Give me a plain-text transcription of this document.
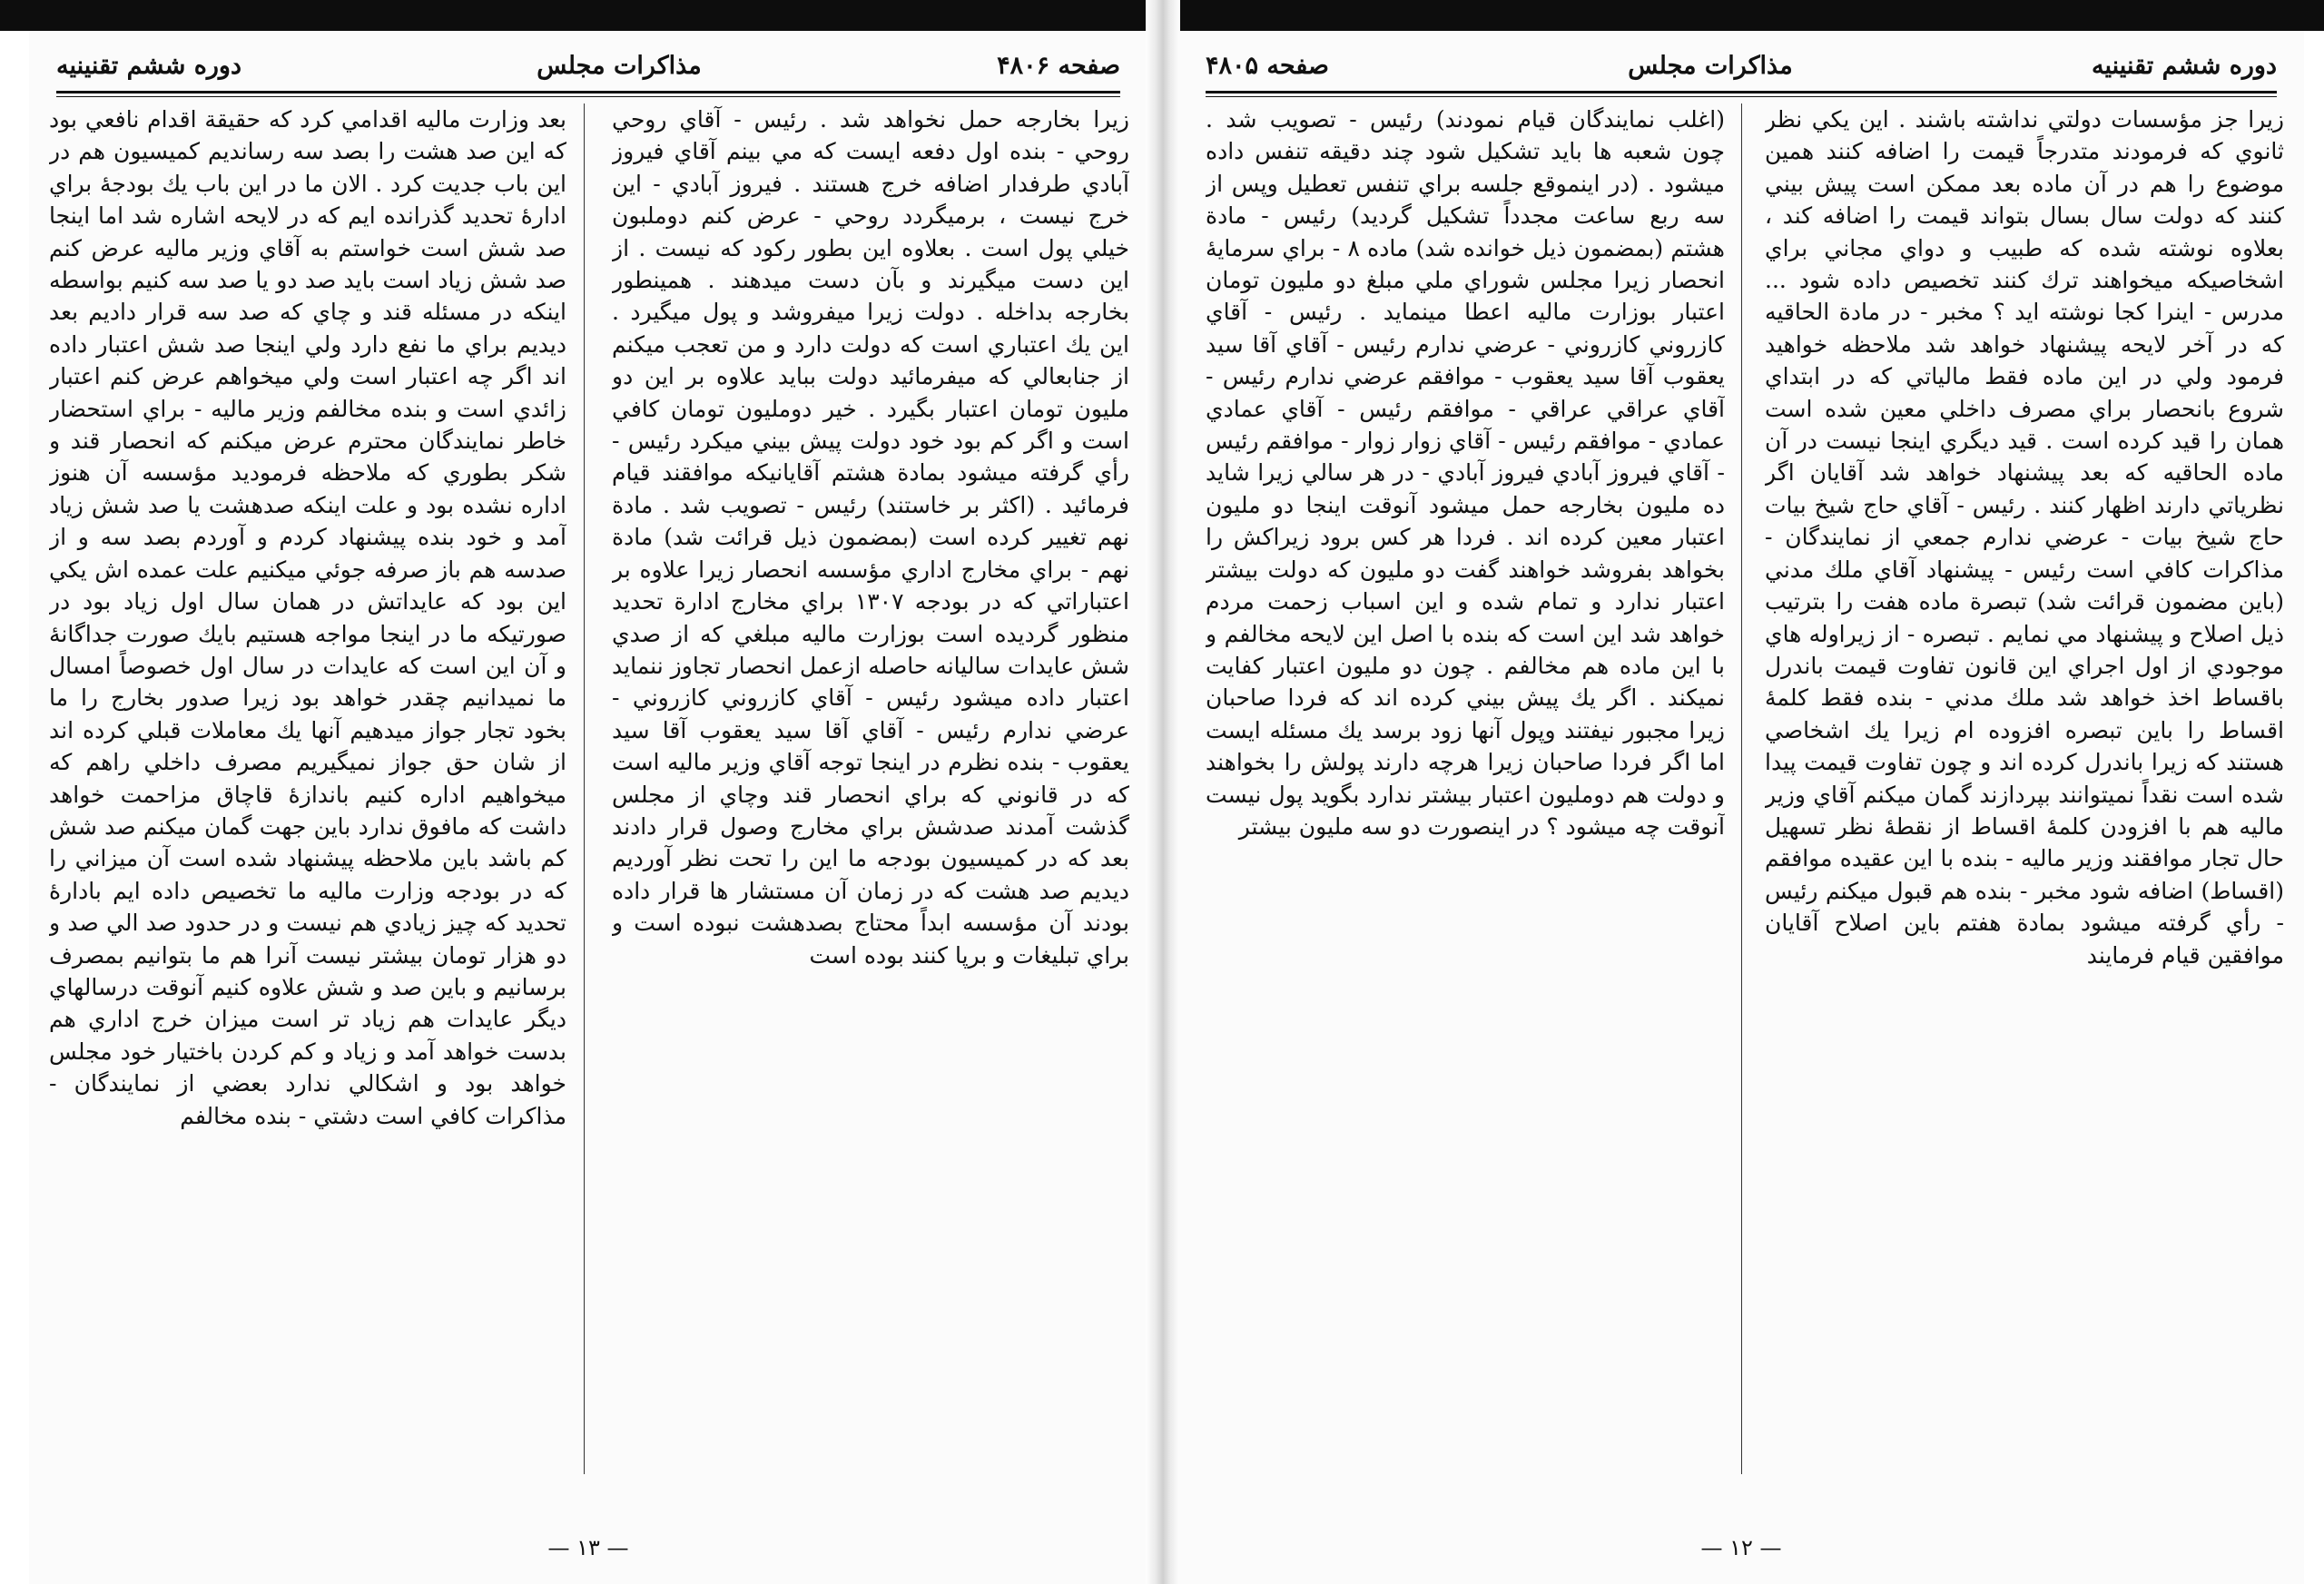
صفحه ۴۸۰۶
مذاكرات مجلس
دوره ششم تقنينيه

زيرا بخارجه حمل نخواهد شد . رئيس - آقاي روحي روحي - بنده اول دفعه ايست كه مي بينم آقاي فيروز آبادي طرفدار اضافه خرج هستند . فيروز آبادي - اين خرج نيست ، برميگردد روحي - عرض كنم دوملبون خيلي پول است . بعلاوه اين بطور ركود كه نيست . از اين دست ميگيرند و بآن دست ميدهند . همينطور بخارجه بداخله . دولت زيرا ميفروشد و پول ميگيرد . اين يك اعتباري است كه دولت دارد و من تعجب ميكنم از جنابعالي كه ميفرمائيد دولت ببايد علاوه بر اين دو مليون تومان اعتبار بگيرد . خير دومليون تومان كافي است و اگر كم بود خود دولت پيش بيني ميكرد رئيس - رأي گرفته ميشود بمادة هشتم آقايانيكه موافقند قيام فرمائيد . (اكثر بر خاستند) رئيس - تصويب شد . مادة نهم تغيير كرده است (بمضمون ذيل قرائت شد) مادة نهم - براي مخارج اداري مؤسسه انحصار زيرا علاوه بر اعتباراتي كه در بودجه ١٣٠٧ براي مخارج ادارة تحديد منظور گرديده است بوزارت ماليه مبلغي كه از صدي شش عايدات ساليانه حاصله ازعمل انحصار تجاوز ننمايد اعتبار داده ميشود رئيس - آقاي كازروني كازروني - عرضي ندارم رئيس - آقاي آقا سيد يعقوب آقا سيد يعقوب - بنده نظرم در اينجا توجه آقاي وزير ماليه است كه در قانوني كه براي انحصار قند وچاي از مجلس گذشت آمدند صدشش براي مخارج وصول قرار دادند بعد كه در كميسيون بودجه ما اين را تحت نظر آورديم ديديم صد هشت كه در زمان آن مستشار ها قرار داده بودند آن مؤسسه ابداً محتاج بصدهشت نبوده است و براي تبليغات و برپا كنند بوده است

بعد وزارت ماليه اقدامي كرد كه حقيقة اقدام نافعي بود كه اين صد هشت را بصد سه رسانديم كميسيون هم در اين باب جديت كرد . الان ما در اين باب يك بودجهٔ براي ادارهٔ تحديد گذرانده ايم كه در لايحه اشاره شد اما اينجا صد شش است خواستم به آقاي وزير ماليه عرض كنم صد شش زياد است بايد صد دو يا صد سه كنيم بواسطه اينكه در مسئله قند و چاي كه صد سه قرار داديم بعد ديديم براي ما نفع دارد ولي اينجا صد شش اعتبار داده اند اگر چه اعتبار است ولي ميخواهم عرض كنم اعتبار زائدي است و بنده مخالفم وزير ماليه - براي استحضار خاطر نمايندگان محترم عرض ميكنم كه انحصار قند و شكر بطوري كه ملاحظه فرموديد مؤسسه آن هنوز اداره نشده بود و علت اينكه صدهشت يا صد شش زياد آمد و خود بنده پيشنهاد كردم و آوردم بصد سه و از صدسه هم باز صرفه جوئي ميكنيم علت عمده اش يكي اين بود كه عايداتش در همان سال اول زياد بود در صورتيكه ما در اينجا مواجه هستيم بايك صورت جداگانهٔ و آن اين است كه عايدات در سال اول خصوصاً امسال ما نميدانيم چقدر خواهد بود زيرا صدور بخارج را ما بخود تجار جواز ميدهيم آنها يك معاملات قبلي كرده اند از شان حق جواز نميگيريم مصرف داخلي راهم كه ميخواهيم اداره كنيم باندازهٔ قاچاق مزاحمت خواهد داشت كه مافوق ندارد باين جهت گمان ميكنم صد شش كم باشد باين ملاحظه پيشنهاد شده است آن ميزاني را كه در بودجه وزارت ماليه ما تخصيص داده ايم بادارهٔ تحديد كه چيز زيادي هم نيست و در حدود صد الي صد و دو هزار تومان بيشتر نيست آنرا هم ما بتوانيم بمصرف برسانيم و باين صد و شش علاوه كنيم آنوقت درسالهاي ديگر عايدات هم زياد تر است ميزان خرج اداري هم بدست خواهد آمد و زياد و كم كردن باختيار خود مجلس خواهد بود و اشكالي ندارد بعضي از نمايندگان - مذاكرات كافي است دشتي - بنده مخالفم

— ١٣ —
دوره ششم تقنينيه
مذاكرات مجلس
صفحه ۴۸۰۵

زيرا جز مؤسسات دولتي نداشته باشند . اين يكي نظر ثانوي كه فرمودند متدرجاً قيمت را اضافه كنند همين موضوع را هم در آن ماده بعد ممكن است پيش بيني كنند كه دولت سال بسال بتواند قيمت را اضافه كند ، بعلاوه نوشته شده كه طبيب و دواي مجاني براي اشخاصيكه ميخواهند ترك كنند تخصيص داده شود ... مدرس - اينرا كجا نوشته ايد ؟ مخبر - در مادة الحاقيه كه در آخر لايحه پيشنهاد خواهد شد ملاحظه خواهيد فرمود ولي در اين ماده فقط مالياتي كه در ابتداي شروع بانحصار براي مصرف داخلي معين شده است همان را قيد كرده است . قيد ديگري اينجا نيست در آن ماده الحاقيه كه بعد پيشنهاد خواهد شد آقايان اگر نظرياتي دارند اظهار كنند . رئيس - آقاي حاج شيخ بيات حاج شيخ بيات - عرضي ندارم جمعي از نمايندگان - مذاكرات كافي است رئيس - پيشنهاد آقاي ملك مدني (باين مضمون قرائت شد) تبصرة ماده هفت را بترتيب ذيل اصلاح و پيشنهاد مي نمايم . تبصره - از زيراوله هاي موجودي از اول اجراي اين قانون تفاوت قيمت باندرل باقساط اخذ خواهد شد ملك مدني - بنده فقط كلمهٔ اقساط را باين تبصره افزوده ام زيرا يك اشخاصي هستند كه زيرا باندرل كرده اند و چون تفاوت قيمت پيدا شده است نقداً نميتوانند بپردازند گمان ميكنم آقاي وزير ماليه هم با افزودن كلمهٔ اقساط از نقطهٔ نظر تسهيل حال تجار موافقند وزير ماليه - بنده با اين عقيده موافقم (اقساط) اضافه شود مخبر - بنده هم قبول ميكنم رئيس - رأي گرفته ميشود بمادة هفتم باين اصلاح آقايان موافقين قيام فرمايند

(اغلب نمايندگان قيام نمودند) رئيس - تصويب شد . چون شعبه ها بايد تشكيل شود چند دقيقه تنفس داده ميشود . (در اينموقع جلسه براي تنفس تعطيل وپس از سه ربع ساعت مجدداً تشكيل گرديد) رئيس - مادة هشتم (بمضمون ذيل خوانده شد) ماده ٨ - براي سرمايهٔ انحصار زيرا مجلس شوراي ملي مبلغ دو مليون تومان اعتبار بوزارت ماليه اعطا مينمايد . رئيس - آقاي كازروني كازروني - عرضي ندارم رئيس - آقاي آقا سيد يعقوب آقا سيد يعقوب - موافقم عرضي ندارم رئيس - آقاي عراقي عراقي - موافقم رئيس - آقاي عمادي عمادي - موافقم رئيس - آقاي زوار زوار - موافقم رئيس - آقاي فيروز آبادي فيروز آبادي - در هر سالي زيرا شايد ده مليون بخارجه حمل ميشود آنوقت اينجا دو مليون اعتبار معين كرده اند . فردا هر كس برود زيراكش را بخواهد بفروشد خواهند گفت دو مليون كه دولت بيشتر اعتبار ندارد و تمام شده و اين اسباب زحمت مردم خواهد شد اين است كه بنده با اصل اين لايحه مخالفم و با اين ماده هم مخالفم . چون دو مليون اعتبار كفايت نميكند . اگر يك پيش بيني كرده اند كه فردا صاحبان زيرا مجبور نيفتند وپول آنها زود برسد يك مسئله ايست اما اگر فردا صاحبان زيرا هرچه دارند پولش را بخواهند و دولت هم دومليون اعتبار بيشتر ندارد بگويد پول نيست آنوقت چه ميشود ؟ در اينصورت دو سه مليون بيشتر

— ١٢ —
